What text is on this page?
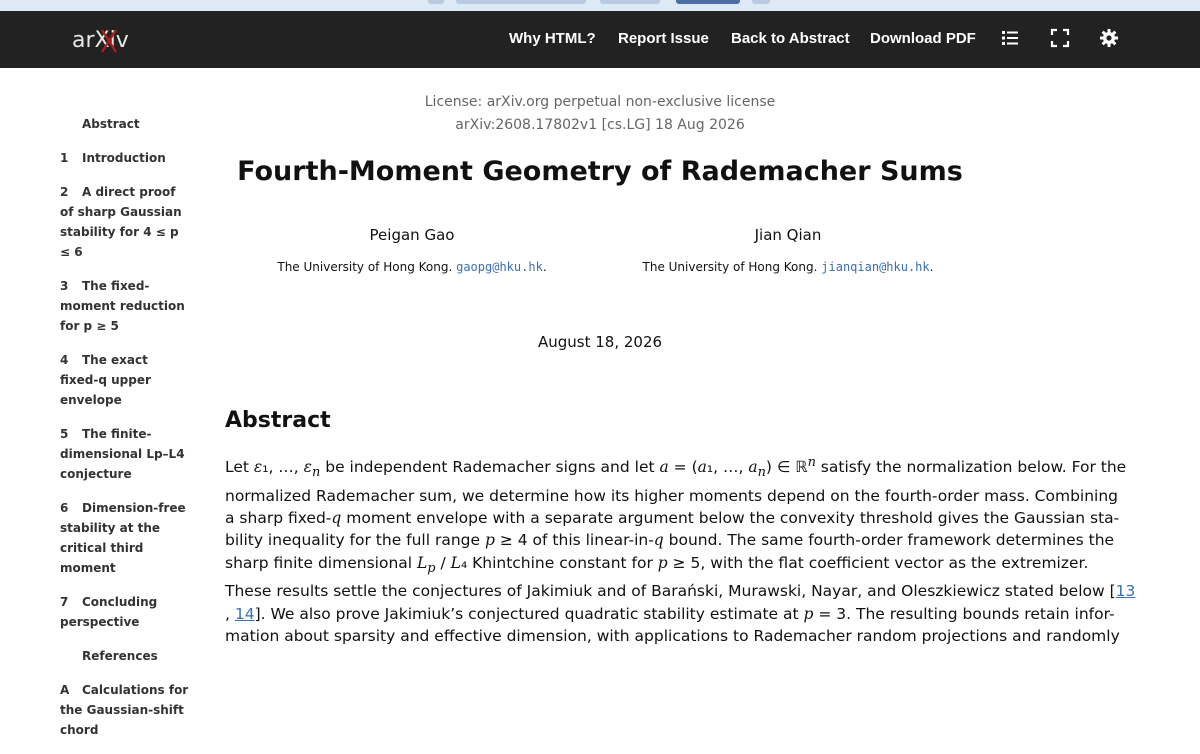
arXiv	Why HTML? Report Issue Back to Abstract Download PDF
Abstract
1 Introduction
2 A direct proof of sharp Gaussian stability for 4 ≤ p ≤ 6
3 The fixed-moment reduction for p ≥ 5
4 The exact fixed-q upper envelope
5 The finite-dimensional Lp–L4 conjecture
6 Dimension-free stability at the critical third moment
7 Concluding perspective
References
A Calculations for the Gaussian-shift chord
License: arXiv.org perpetual non-exclusive license
arXiv:2608.17802v1 [cs.LG] 18 Aug 2026
Fourth-Moment Geometry of Rademacher Sums
Peigan Gao
The University of Hong Kong. gaopg@hku.hk.
Jian Qian
The University of Hong Kong. jianqian@hku.hk.
August 18, 2026
Abstract
Let ε₁, …, $\varepsilon_n$ be independent Rademacher signs and let a = (a₁, …, $a_n$) ∈ ℝ$^n$ satisfy the normalization below. For the
normalized Rademacher sum, we determine how its higher moments depend on the fourth-order mass. Combining
a sharp fixed-q moment envelope with a separate argument below the convexity threshold gives the Gaussian sta-
bility inequality for the full range p ≥ 4 of this linear-in-q bound. The same fourth-order framework determines the
sharp finite dimensional $L_p / L_4$ Khintchine constant for p ≥ 5, with the flat coefficient vector as the extremizer.
These results settle the conjectures of Jakimiuk and of Barański, Murawski, Nayar, and Oleszkiewicz stated below [13
, 14]. We also prove Jakimiuk’s conjectured quadratic stability estimate at p = 3. The resulting bounds retain infor-
mation about sparsity and effective dimension, with applications to Rademacher random projections and randomly
